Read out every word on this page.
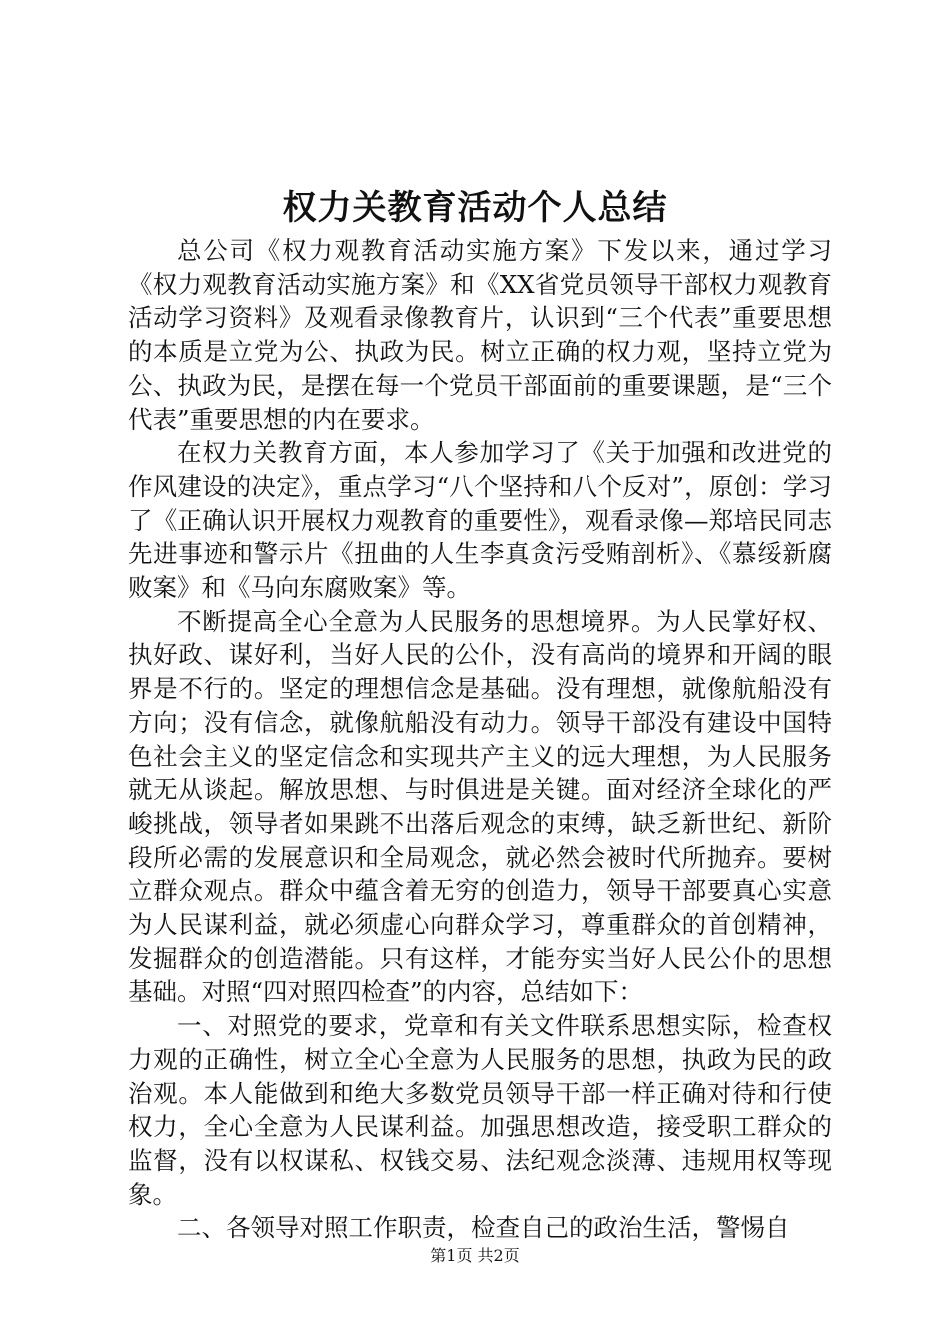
权力关教育活动个人总结

总公司《权力观教育活动实施方案》下发以来，通过学习《权力观教育活动实施方案》和《XX省党员领导干部权力观教育活动学习资料》及观看录像教育片，认识到“三个代表”重要思想的本质是立党为公、执政为民。树立正确的权力观，坚持立党为公、执政为民，是摆在每一个党员干部面前的重要课题，是“三个代表”重要思想的内在要求。

在权力关教育方面，本人参加学习了《关于加强和改进党的作风建设的决定》，重点学习“八个坚持和八个反对”，原创：学习了《正确认识开展权力观教育的重要性》，观看录像—郑培民同志先进事迹和警示片《扭曲的人生李真贪污受贿剖析》、《慕绥新腐败案》和《马向东腐败案》等。

不断提高全心全意为人民服务的思想境界。为人民掌好权、执好政、谋好利，当好人民的公仆，没有高尚的境界和开阔的眼界是不行的。坚定的理想信念是基础。没有理想，就像航船没有方向；没有信念，就像航船没有动力。领导干部没有建设中国特色社会主义的坚定信念和实现共产主义的远大理想，为人民服务就无从谈起。解放思想、与时俱进是关键。面对经济全球化的严峻挑战，领导者如果跳不出落后观念的束缚，缺乏新世纪、新阶段所必需的发展意识和全局观念，就必然会被时代所抛弃。要树立群众观点。群众中蕴含着无穷的创造力，领导干部要真心实意为人民谋利益，就必须虚心向群众学习，尊重群众的首创精神，发掘群众的创造潜能。只有这样，才能夯实当好人民公仆的思想基础。对照“四对照四检查”的内容，总结如下：

一、对照党的要求，党章和有关文件联系思想实际，检查权力观的正确性，树立全心全意为人民服务的思想，执政为民的政治观。本人能做到和绝大多数党员领导干部一样正确对待和行使权力，全心全意为人民谋利益。加强思想改造，接受职工群众的监督，没有以权谋私、权钱交易、法纪观念淡薄、违规用权等现象。

二、各领导对照工作职责，检查自己的政治生活，警惕自

第1页 共2页
